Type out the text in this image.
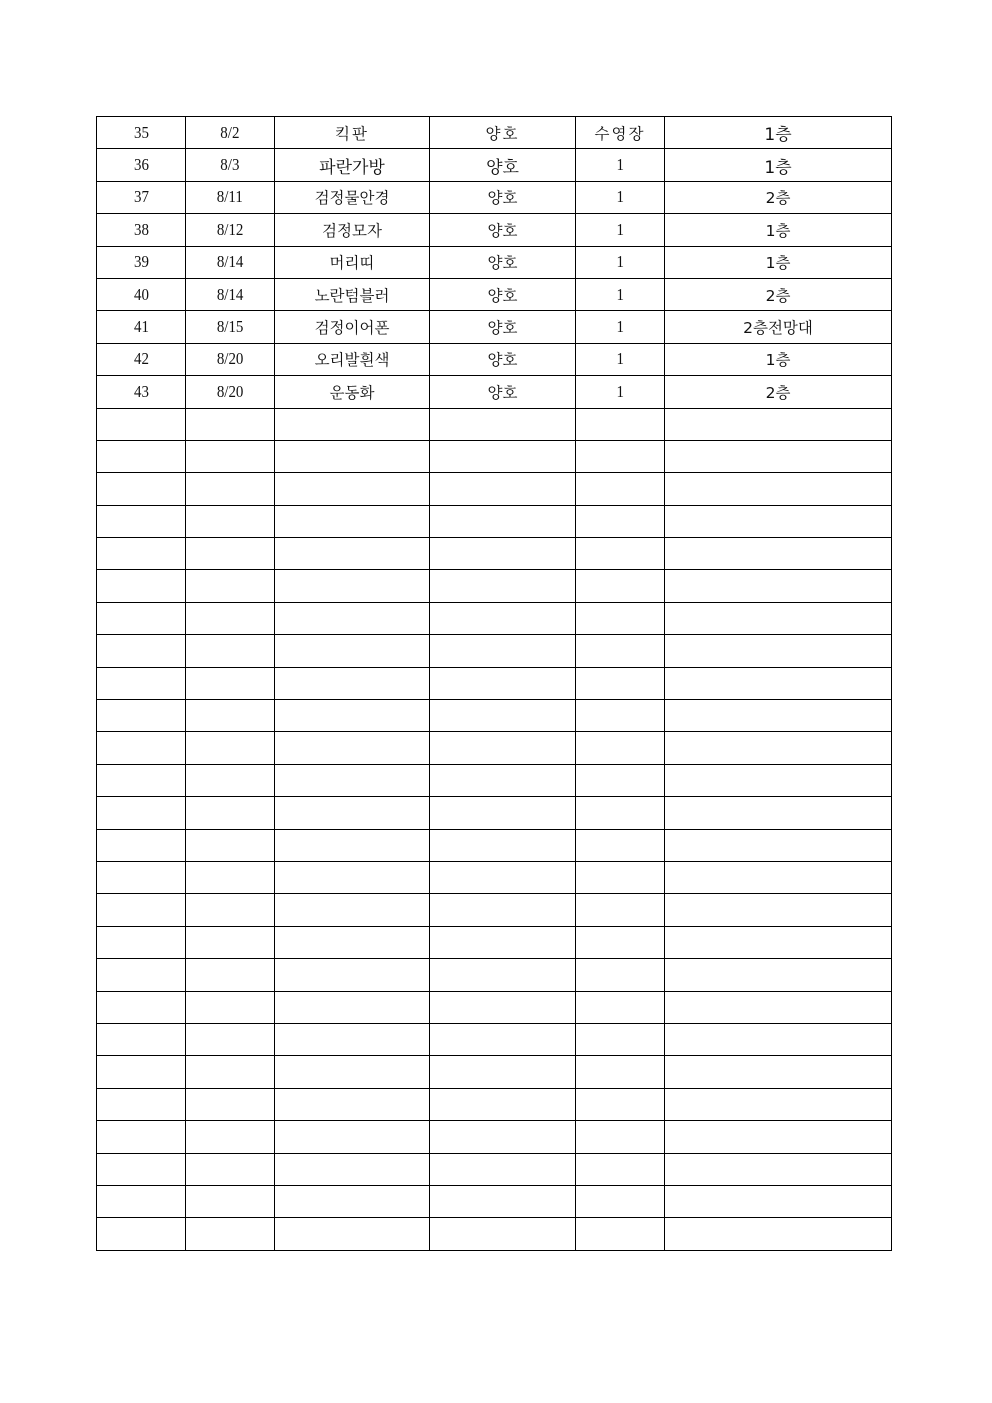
35	8/2	킥판	양호	수영장	1층
36	8/3	파란가방	양호	1	1층
37	8/11	검정물안경	양호	1	2층
38	8/12	검정모자	양호	1	1층
39	8/14	머리띠	양호	1	1층
40	8/14	노란텀블러	양호	1	2층
41	8/15	검정이어폰	양호	1	2층전망대
42	8/20	오리발흰색	양호	1	1층
43	8/20	운동화	양호	1	2층
